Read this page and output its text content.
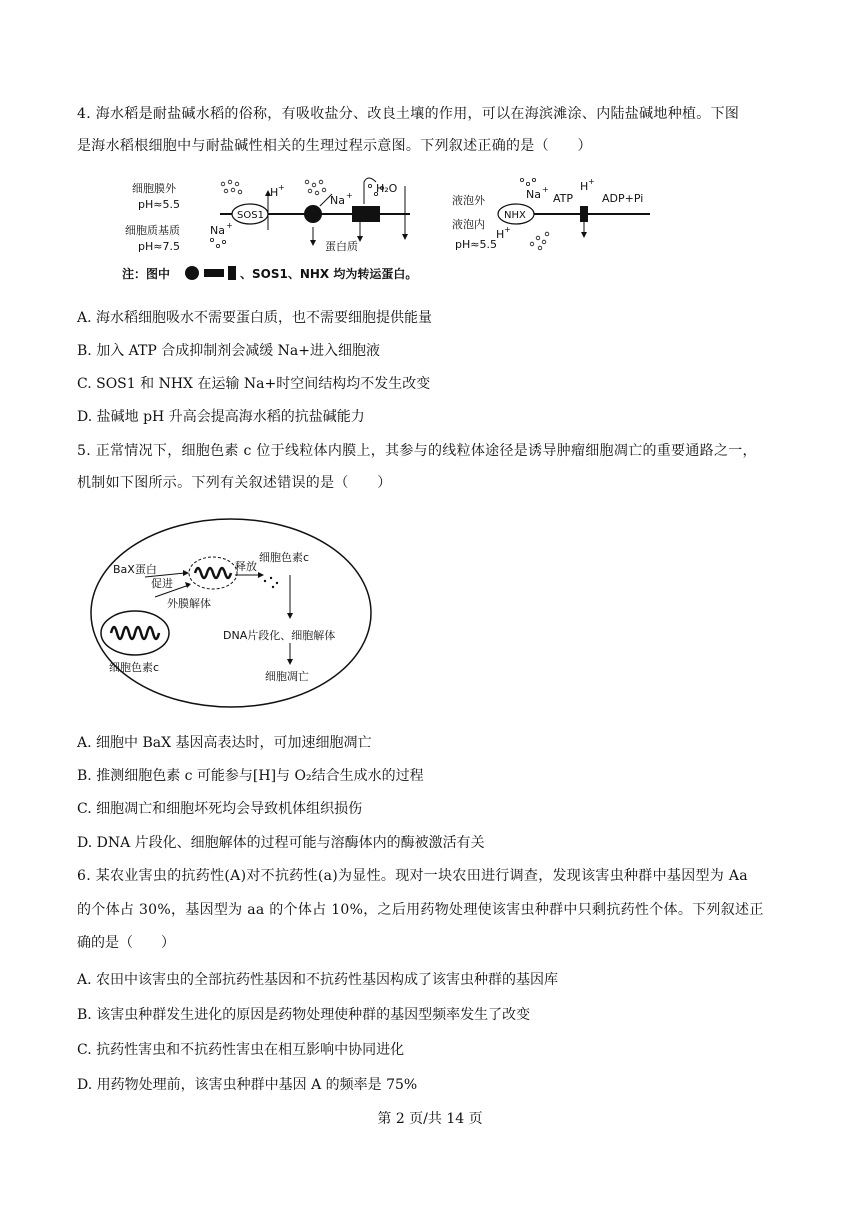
4. 海水稻是耐盐碱水稻的俗称，有吸收盐分、改良土壤的作用，可以在海滨滩涂、内陆盐碱地种植。下图
是海水稻根细胞中与耐盐碱性相关的生理过程示意图。下列叙述正确的是（　　）
细胞膜外
pH≈5.5
细胞质基质
pH≈7.5
SOS1
H +
Na +
Na +
蛋白质
H₂O
液泡外
液泡内
pH≈5.5
NHX
Na +
H +
ATP
H +
ADP+Pi
注：图中	、SOS1、NHX 均为转运蛋白。
A. 海水稻细胞吸水不需要蛋白质，也不需要细胞提供能量
B. 加入 ATP 合成抑制剂会减缓 Na+进入细胞液
C. SOS1 和 NHX 在运输 Na+时空间结构均不发生改变
D. 盐碱地 pH 升高会提高海水稻的抗盐碱能力
5. 正常情况下，细胞色素 c 位于线粒体内膜上，其参与的线粒体途径是诱导肿瘤细胞凋亡的重要通路之一，
机制如下图所示。下列有关叙述错误的是（　　）
BaX蛋白
促进
释放
细胞色素c
DNA片段化、细胞解体
细胞凋亡
外膜解体
细胞色素c
A. 细胞中 BaX 基因高表达时，可加速细胞凋亡
B. 推测细胞色素 c 可能参与[H]与 O₂结合生成水的过程
C. 细胞凋亡和细胞坏死均会导致机体组织损伤
D. DNA 片段化、细胞解体的过程可能与溶酶体内的酶被激活有关
6. 某农业害虫的抗药性(A)对不抗药性(a)为显性。现对一块农田进行调查，发现该害虫种群中基因型为 Aa
的个体占 30%，基因型为 aa 的个体占 10%，之后用药物处理使该害虫种群中只剩抗药性个体。下列叙述正
确的是（　　）
A. 农田中该害虫的全部抗药性基因和不抗药性基因构成了该害虫种群的基因库
B. 该害虫种群发生进化的原因是药物处理使种群的基因型频率发生了改变
C. 抗药性害虫和不抗药性害虫在相互影响中协同进化
D. 用药物处理前，该害虫种群中基因 A 的频率是 75%
第 2 页/共 14 页
